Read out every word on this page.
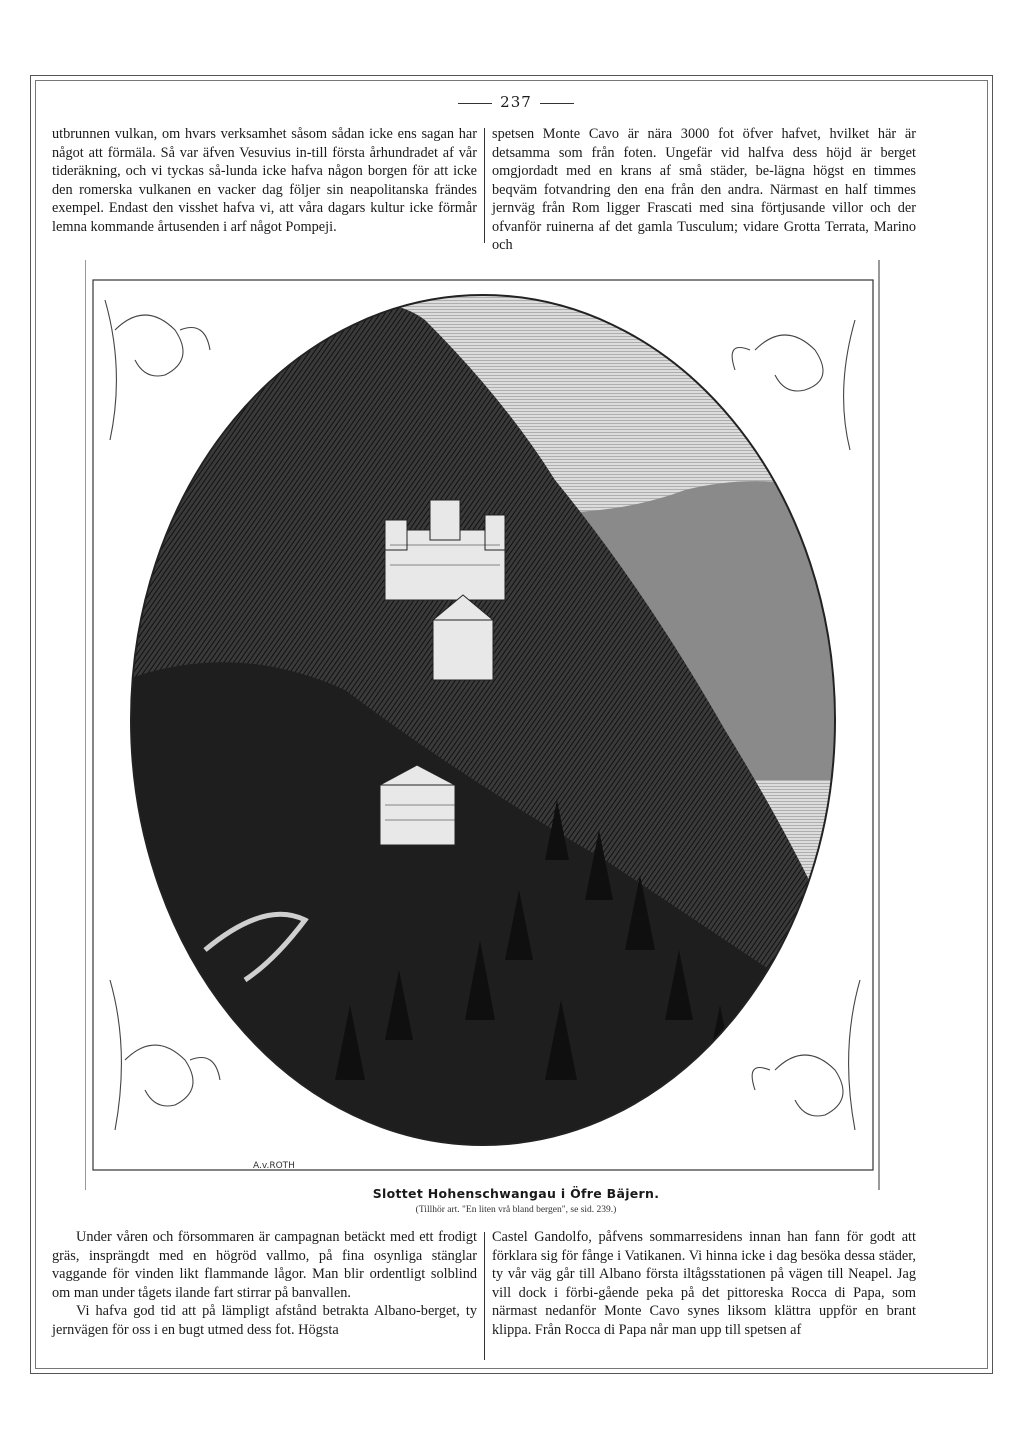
237

utbrunnen vulkan, om hvars verksamhet såsom sådan icke ens sagan har något att förmäla. Så var äfven Vesuvius in-till första århundradet af vår tideräkning, och vi tyckas så-lunda icke hafva någon borgen för att icke den romerska vulkanen en vacker dag följer sin neapolitanska frändes exempel. Endast den visshet hafva vi, att våra dagars kultur icke förmår lemna kommande årtusenden i arf något Pompeji.

spetsen Monte Cavo är nära 3000 fot öfver hafvet, hvilket här är detsamma som från foten. Ungefär vid halfva dess höjd är berget omgjordadt med en krans af små städer, be-lägna högst en timmes beqväm fotvandring den ena från den andra. Närmast en half timmes jernväg från Rom ligger Frascati med sina förtjusande villor och der ofvanför ruinerna af det gamla Tusculum; vidare Grotta Terrata, Marino och

A.v.ROTH
Slottet Hohenschwangau i Öfre Bäjern.
(Tillhör art. "En liten vrå bland bergen", se sid. 239.)

Under våren och försommaren är campagnan betäckt med ett frodigt gräs, insprängdt med en högröd vallmo, på fina osynliga stänglar vaggande för vinden likt flammande lågor. Man blir ordentligt solblind om man under tågets ilande fart stirrar på banvallen.

Vi hafva god tid att på lämpligt afstånd betrakta Albano-berget, ty jernvägen för oss i en bugt utmed dess fot. Högsta

Castel Gandolfo, påfvens sommarresidens innan han fann för godt att förklara sig för fånge i Vatikanen. Vi hinna icke i dag besöka dessa städer, ty vår väg går till Albano första iltågsstationen på vägen till Neapel. Jag vill dock i förbi-gående peka på det pittoreska Rocca di Papa, som närmast nedanför Monte Cavo synes liksom klättra uppför en brant klippa. Från Rocca di Papa når man upp till spetsen af
